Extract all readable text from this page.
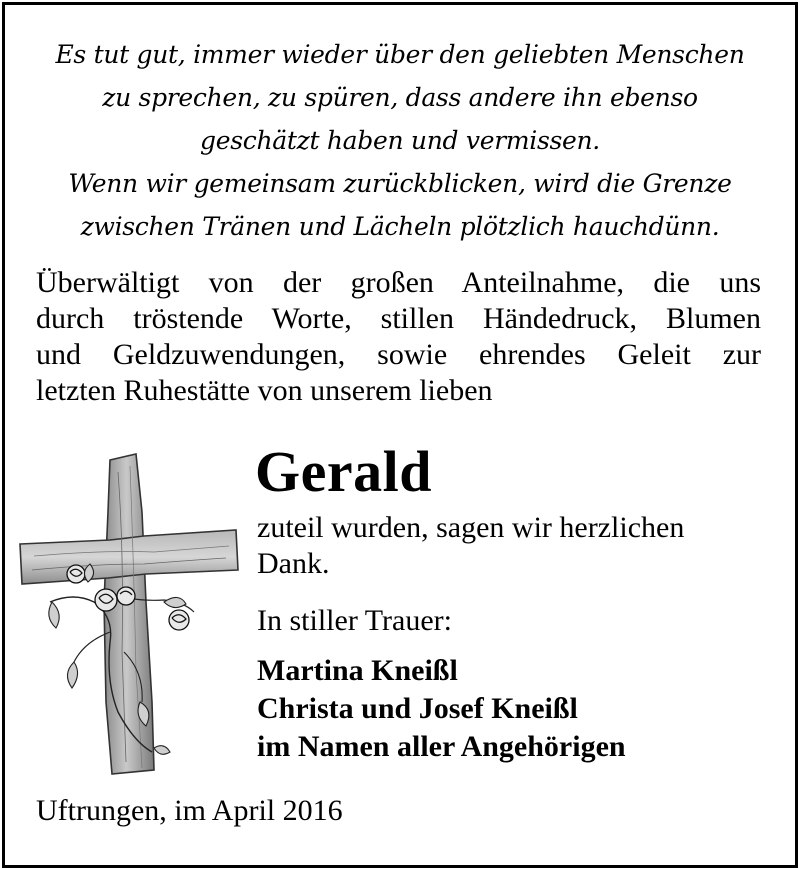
Es tut gut, immer wieder über den geliebten Menschen
zu sprechen, zu spüren, dass andere ihn ebenso
geschätzt haben und vermissen.
Wenn wir gemeinsam zurückblicken, wird die Grenze
zwischen Tränen und Lächeln plötzlich hauchdünn.
Überwältigt von der großen Anteilnahme, die uns
durch tröstende Worte, stillen Händedruck, Blumen
und Geldzuwendungen, sowie ehrendes Geleit zur
letzten Ruhestätte von unserem lieben
Gerald
zuteil wurden, sagen wir herzlichen
Dank.
In stiller Trauer:
Martina Kneißl
Christa und Josef Kneißl
im Namen aller Angehörigen
Uftrungen, im April 2016
